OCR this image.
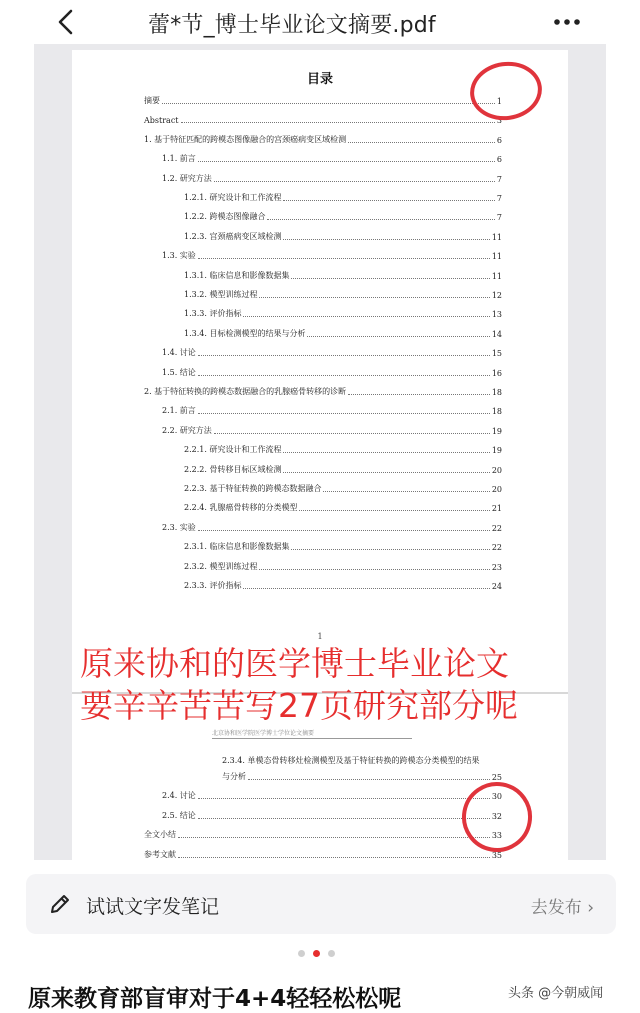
蕾*节_博士毕业论文摘要.pdf
目录
摘要	1
Abstract	3
1. 基于特征匹配的跨模态图像融合的宫颈癌病变区域检测	6
1.1. 前言	6
1.2. 研究方法	7
1.2.1. 研究设计和工作流程	7
1.2.2. 跨模态图像融合	7
1.2.3. 宫颈癌病变区域检测	11
1.3. 实验	11
1.3.1. 临床信息和影像数据集	11
1.3.2. 模型训练过程	12
1.3.3. 评价指标	13
1.3.4. 目标检测模型的结果与分析	14
1.4. 讨论	15
1.5. 结论	16
2. 基于特征转换的跨模态数据融合的乳腺癌骨转移的诊断	18
2.1. 前言	18
2.2. 研究方法	19
2.2.1. 研究设计和工作流程	19
2.2.2. 骨转移目标区域检测	20
2.2.3. 基于特征转换的跨模态数据融合	20
2.2.4. 乳腺癌骨转移的分类模型	21
2.3. 实验	22
2.3.1. 临床信息和影像数据集	22
2.3.2. 模型训练过程	23
2.3.3. 评价指标	24
1
北京协和医学院医学博士学位论文摘要
2.3.4. 单模态骨转移灶检测模型及基于特征转换的跨模态分类模型的结果
与分析	25
2.4. 讨论	30
2.5. 结论	32
全文小结	33
参考文献	35
原来协和的医学博士毕业论文
要辛辛苦苦写27页研究部分呢
试试文字发笔记	去发布 ›
原来教育部盲审对于4+4轻轻松松呢	头条 @今朝威闻
